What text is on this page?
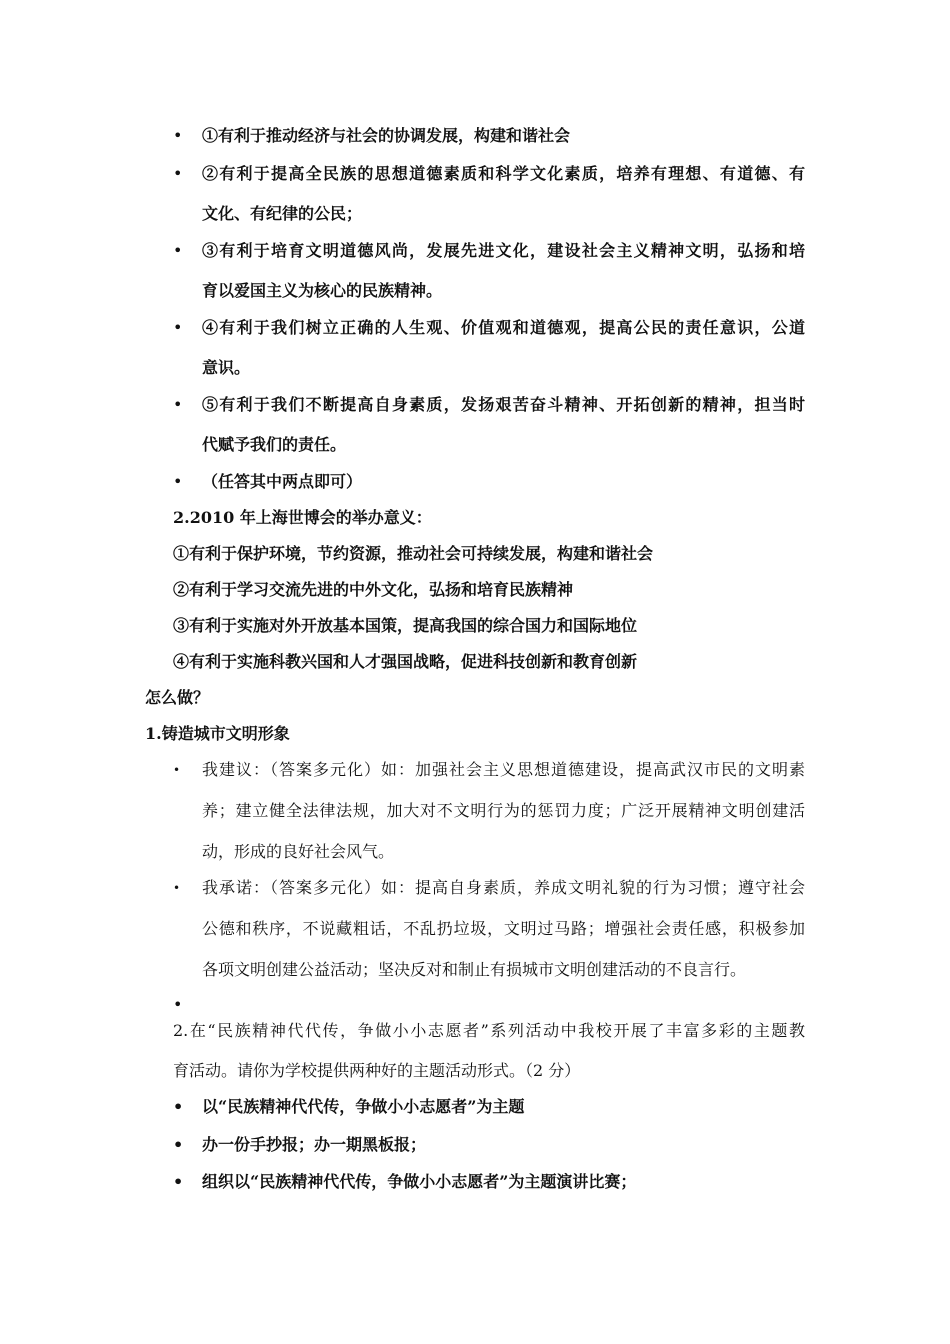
• ①有利于推动经济与社会的协调发展，构建和谐社会
• ②有利于提高全民族的思想道德素质和科学文化素质，培养有理想、有道德、有
文化、有纪律的公民；
• ③有利于培育文明道德风尚，发展先进文化，建设社会主义精神文明，弘扬和培
育以爱国主义为核心的民族精神。
• ④有利于我们树立正确的人生观、价值观和道德观，提高公民的责任意识，公道
意识。
• ⑤有利于我们不断提高自身素质，发扬艰苦奋斗精神、开拓创新的精神，担当时
代赋予我们的责任。
• （任答其中两点即可）
2.2010 年上海世博会的举办意义：
①有利于保护环境，节约资源，推动社会可持续发展，构建和谐社会
②有利于学习交流先进的中外文化，弘扬和培育民族精神
③有利于实施对外开放基本国策，提高我国的综合国力和国际地位
④有利于实施科教兴国和人才强国战略，促进科技创新和教育创新
怎么做？
1.铸造城市文明形象
• 我建议：（答案多元化）如：加强社会主义思想道德建设，提高武汉市民的文明素
养；建立健全法律法规，加大对不文明行为的惩罚力度；广泛开展精神文明创建活
动，形成的良好社会风气。
• 我承诺：（答案多元化）如：提高自身素质，养成文明礼貌的行为习惯；遵守社会
公德和秩序，不说藏粗话，不乱扔垃圾，文明过马路；增强社会责任感，积极参加
各项文明创建公益活动；坚决反对和制止有损城市文明创建活动的不良言行。
•
2.在“民族精神代代传，争做小小志愿者”系列活动中我校开展了丰富多彩的主题教
育活动。请你为学校提供两种好的主题活动形式。（2 分）
• 以“民族精神代代传，争做小小志愿者”为主题
• 办一份手抄报；办一期黑板报；
• 组织以“民族精神代代传，争做小小志愿者”为主题演讲比赛；
